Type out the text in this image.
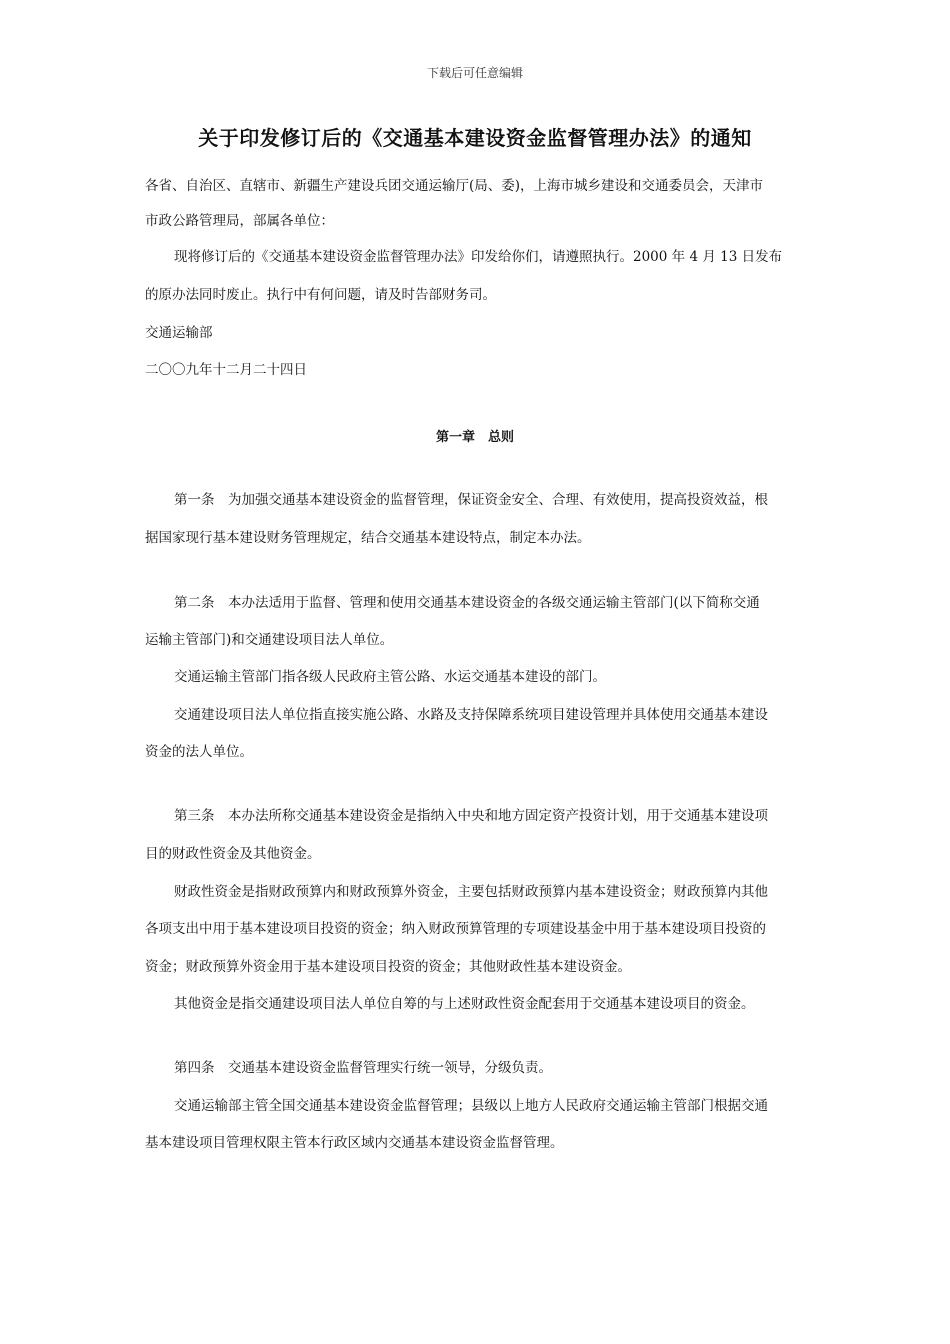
下载后可任意编辑
关于印发修订后的《交通基本建设资金监督管理办法》的通知
各省、自治区、直辖市、新疆生产建设兵团交通运输厅(局、委)，上海市城乡建设和交通委员会，天津市
市政公路管理局，部属各单位：
现将修订后的《交通基本建设资金监督管理办法》印发给你们，请遵照执行。2000 年 4 月 13 日发布
的原办法同时废止。执行中有何问题，请及时告部财务司。
交通运输部
二〇〇九年十二月二十四日
第一章　总则
第一条　为加强交通基本建设资金的监督管理，保证资金安全、合理、有效使用，提高投资效益，根
据国家现行基本建设财务管理规定，结合交通基本建设特点，制定本办法。
第二条　本办法适用于监督、管理和使用交通基本建设资金的各级交通运输主管部门(以下简称交通
运输主管部门)和交通建设项目法人单位。
交通运输主管部门指各级人民政府主管公路、水运交通基本建设的部门。
交通建设项目法人单位指直接实施公路、水路及支持保障系统项目建设管理并具体使用交通基本建设
资金的法人单位。
第三条　本办法所称交通基本建设资金是指纳入中央和地方固定资产投资计划，用于交通基本建设项
目的财政性资金及其他资金。
财政性资金是指财政预算内和财政预算外资金，主要包括财政预算内基本建设资金；财政预算内其他
各项支出中用于基本建设项目投资的资金；纳入财政预算管理的专项建设基金中用于基本建设项目投资的
资金；财政预算外资金用于基本建设项目投资的资金；其他财政性基本建设资金。
其他资金是指交通建设项目法人单位自筹的与上述财政性资金配套用于交通基本建设项目的资金。
第四条　交通基本建设资金监督管理实行统一领导，分级负责。
交通运输部主管全国交通基本建设资金监督管理；县级以上地方人民政府交通运输主管部门根据交通
基本建设项目管理权限主管本行政区域内交通基本建设资金监督管理。
